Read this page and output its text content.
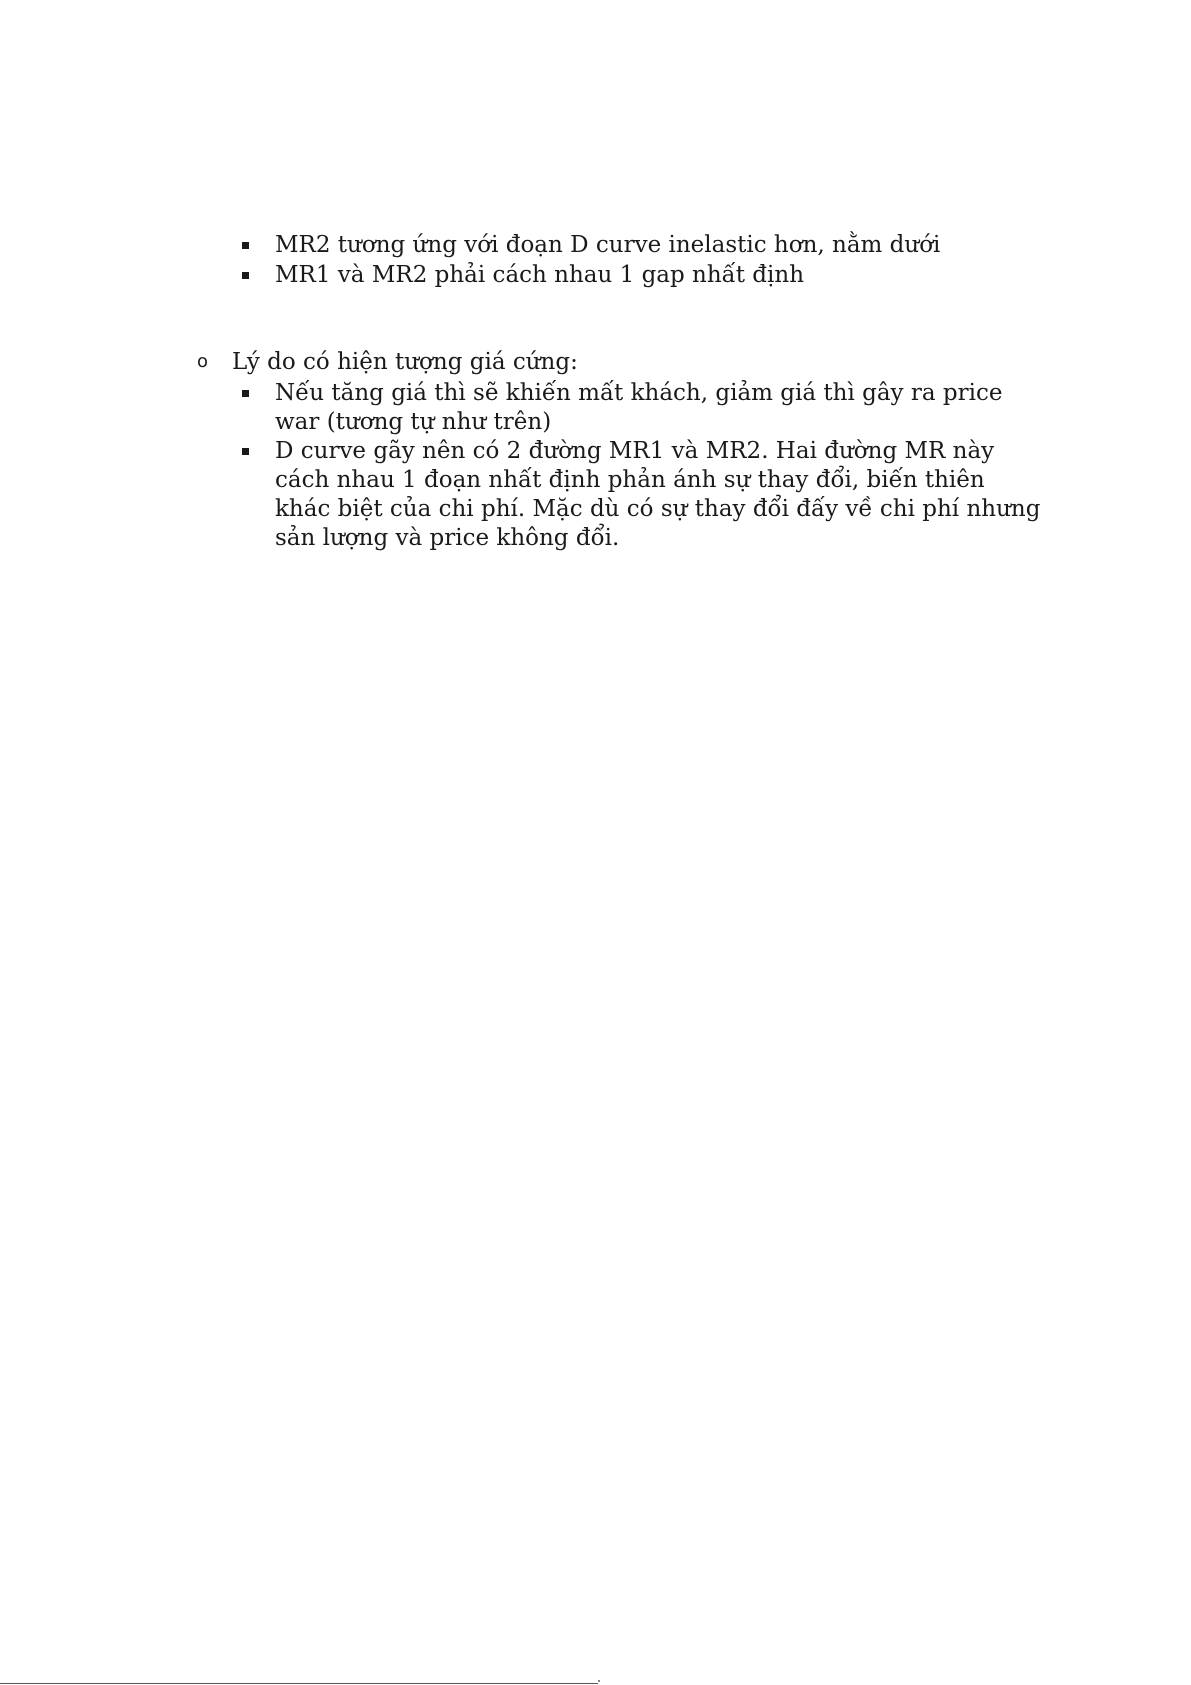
MR2 tương ứng với đoạn D curve inelastic hơn, nằm dưới
MR1 và MR2 phải cách nhau 1 gap nhất định
o Lý do có hiện tượng giá cứng:
Nếu tăng giá thì sẽ khiến mất khách, giảm giá thì gây ra price
war (tương tự như trên)
D curve gãy nên có 2 đường MR1 và MR2. Hai đường MR này
cách nhau 1 đoạn nhất định phản ánh sự thay đổi, biến thiên
khác biệt của chi phí. Mặc dù có sự thay đổi đấy về chi phí nhưng
sản lượng và price không đổi.
